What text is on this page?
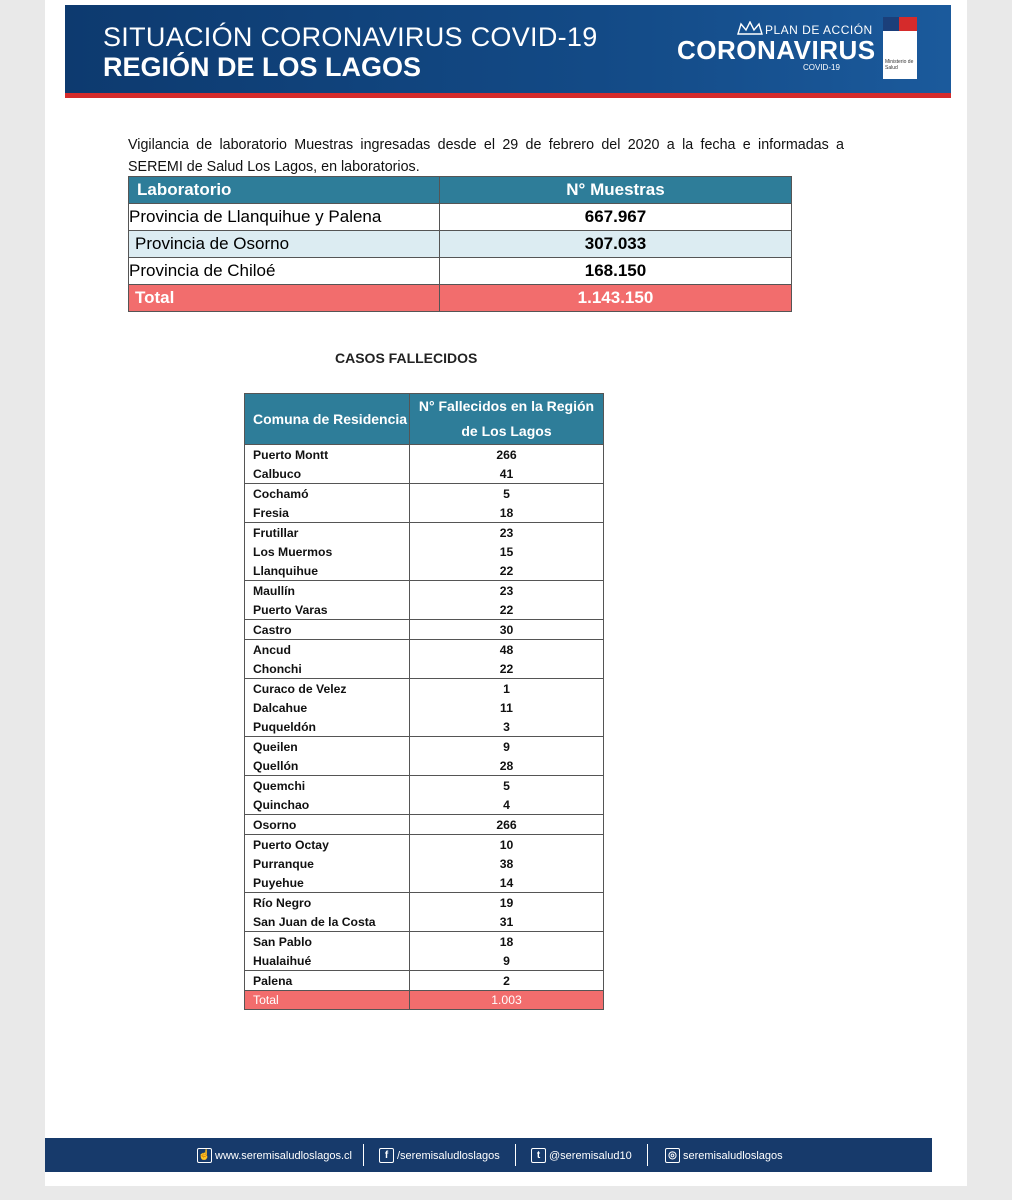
SITUACIÓN CORONAVIRUS COVID-19
REGIÓN DE LOS LAGOS
PLAN DE ACCIÓN
CORONAVIRUS
COVID-19
Ministerio de Salud
Vigilancia de laboratorio Muestras ingresadas desde el 29 de febrero del 2020 a la fecha e informadas a SEREMI de Salud Los Lagos, en laboratorios.
Laboratorio	N° Muestras
Provincia de Llanquihue y Palena	667.967
Provincia de Osorno	307.033
Provincia de Chiloé	168.150
Total	1.143.150
CASOS FALLECIDOS
Comuna de Residencia	N° Fallecidos en la Región de Los Lagos
Puerto Montt	266
Calbuco	41
Cochamó	5
Fresia	18
Frutillar	23
Los Muermos	15
Llanquihue	22
Maullín	23
Puerto Varas	22
Castro	30
Ancud	48
Chonchi	22
Curaco de Velez	1
Dalcahue	11
Puqueldón	3
Queilen	9
Quellón	28
Quemchi	5
Quinchao	4
Osorno	266
Puerto Octay	10
Purranque	38
Puyehue	14
Río Negro	19
San Juan de la Costa	31
San Pablo	18
Hualaihué	9
Palena	2
Total	1.003
☝ www.seremisaludloslagos.cl	f /seremisaludloslagos	t @seremisalud10	◎ seremisaludloslagos
